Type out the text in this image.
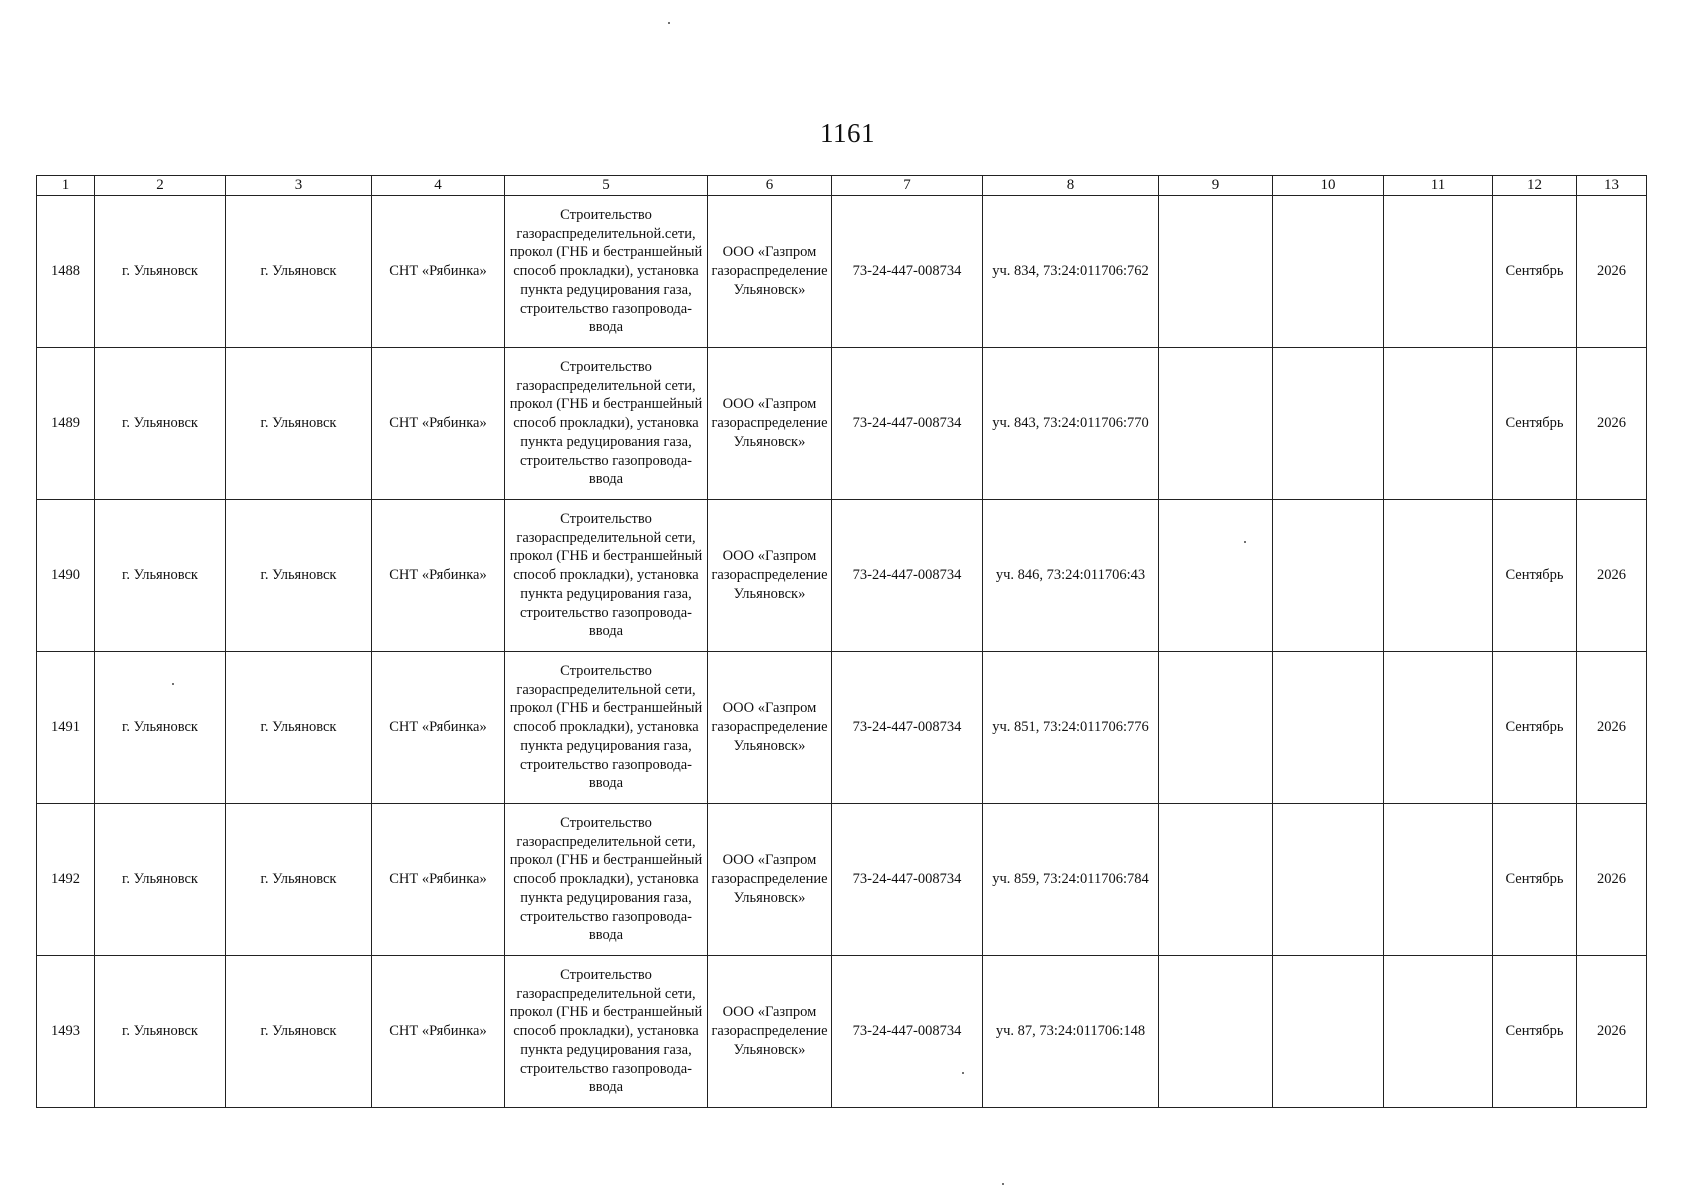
1161
1	2	3	4	5	6	7	8	9	10	11	12	13
1488	г. Ульяновск	г. Ульяновск	СНТ «Рябинка»	Строительство газораспределительной.сети, прокол (ГНБ и бестраншейный способ прокладки), установка пункта редуцирования газа, строительство газопровода-ввода	ООО «Газпром газораспределение Ульяновск»	73-24-447-008734	уч. 834, 73:24:011706:762				Сентябрь	2026
1489	г. Ульяновск	г. Ульяновск	СНТ «Рябинка»	Строительство газораспределительной сети, прокол (ГНБ и бестраншейный способ прокладки), установка пункта редуцирования газа, строительство газопровода-ввода	ООО «Газпром газораспределение Ульяновск»	73-24-447-008734	уч. 843, 73:24:011706:770				Сентябрь	2026
1490	г. Ульяновск	г. Ульяновск	СНТ «Рябинка»	Строительство газораспределительной сети, прокол (ГНБ и бестраншейный способ прокладки), установка пункта редуцирования газа, строительство газопровода-ввода	ООО «Газпром газораспределение Ульяновск»	73-24-447-008734	уч. 846, 73:24:011706:43				Сентябрь	2026
1491	г. Ульяновск	г. Ульяновск	СНТ «Рябинка»	Строительство газораспределительной сети, прокол (ГНБ и бестраншейный способ прокладки), установка пункта редуцирования газа, строительство газопровода-ввода	ООО «Газпром газораспределение Ульяновск»	73-24-447-008734	уч. 851, 73:24:011706:776				Сентябрь	2026
1492	г. Ульяновск	г. Ульяновск	СНТ «Рябинка»	Строительство газораспределительной сети, прокол (ГНБ и бестраншейный способ прокладки), установка пункта редуцирования газа, строительство газопровода-ввода	ООО «Газпром газораспределение Ульяновск»	73-24-447-008734	уч. 859, 73:24:011706:784				Сентябрь	2026
1493	г. Ульяновск	г. Ульяновск	СНТ «Рябинка»	Строительство газораспределительной сети, прокол (ГНБ и бестраншейный способ прокладки), установка пункта редуцирования газа, строительство газопровода-ввода	ООО «Газпром газораспределение Ульяновск»	73-24-447-008734	уч. 87, 73:24:011706:148				Сентябрь	2026
